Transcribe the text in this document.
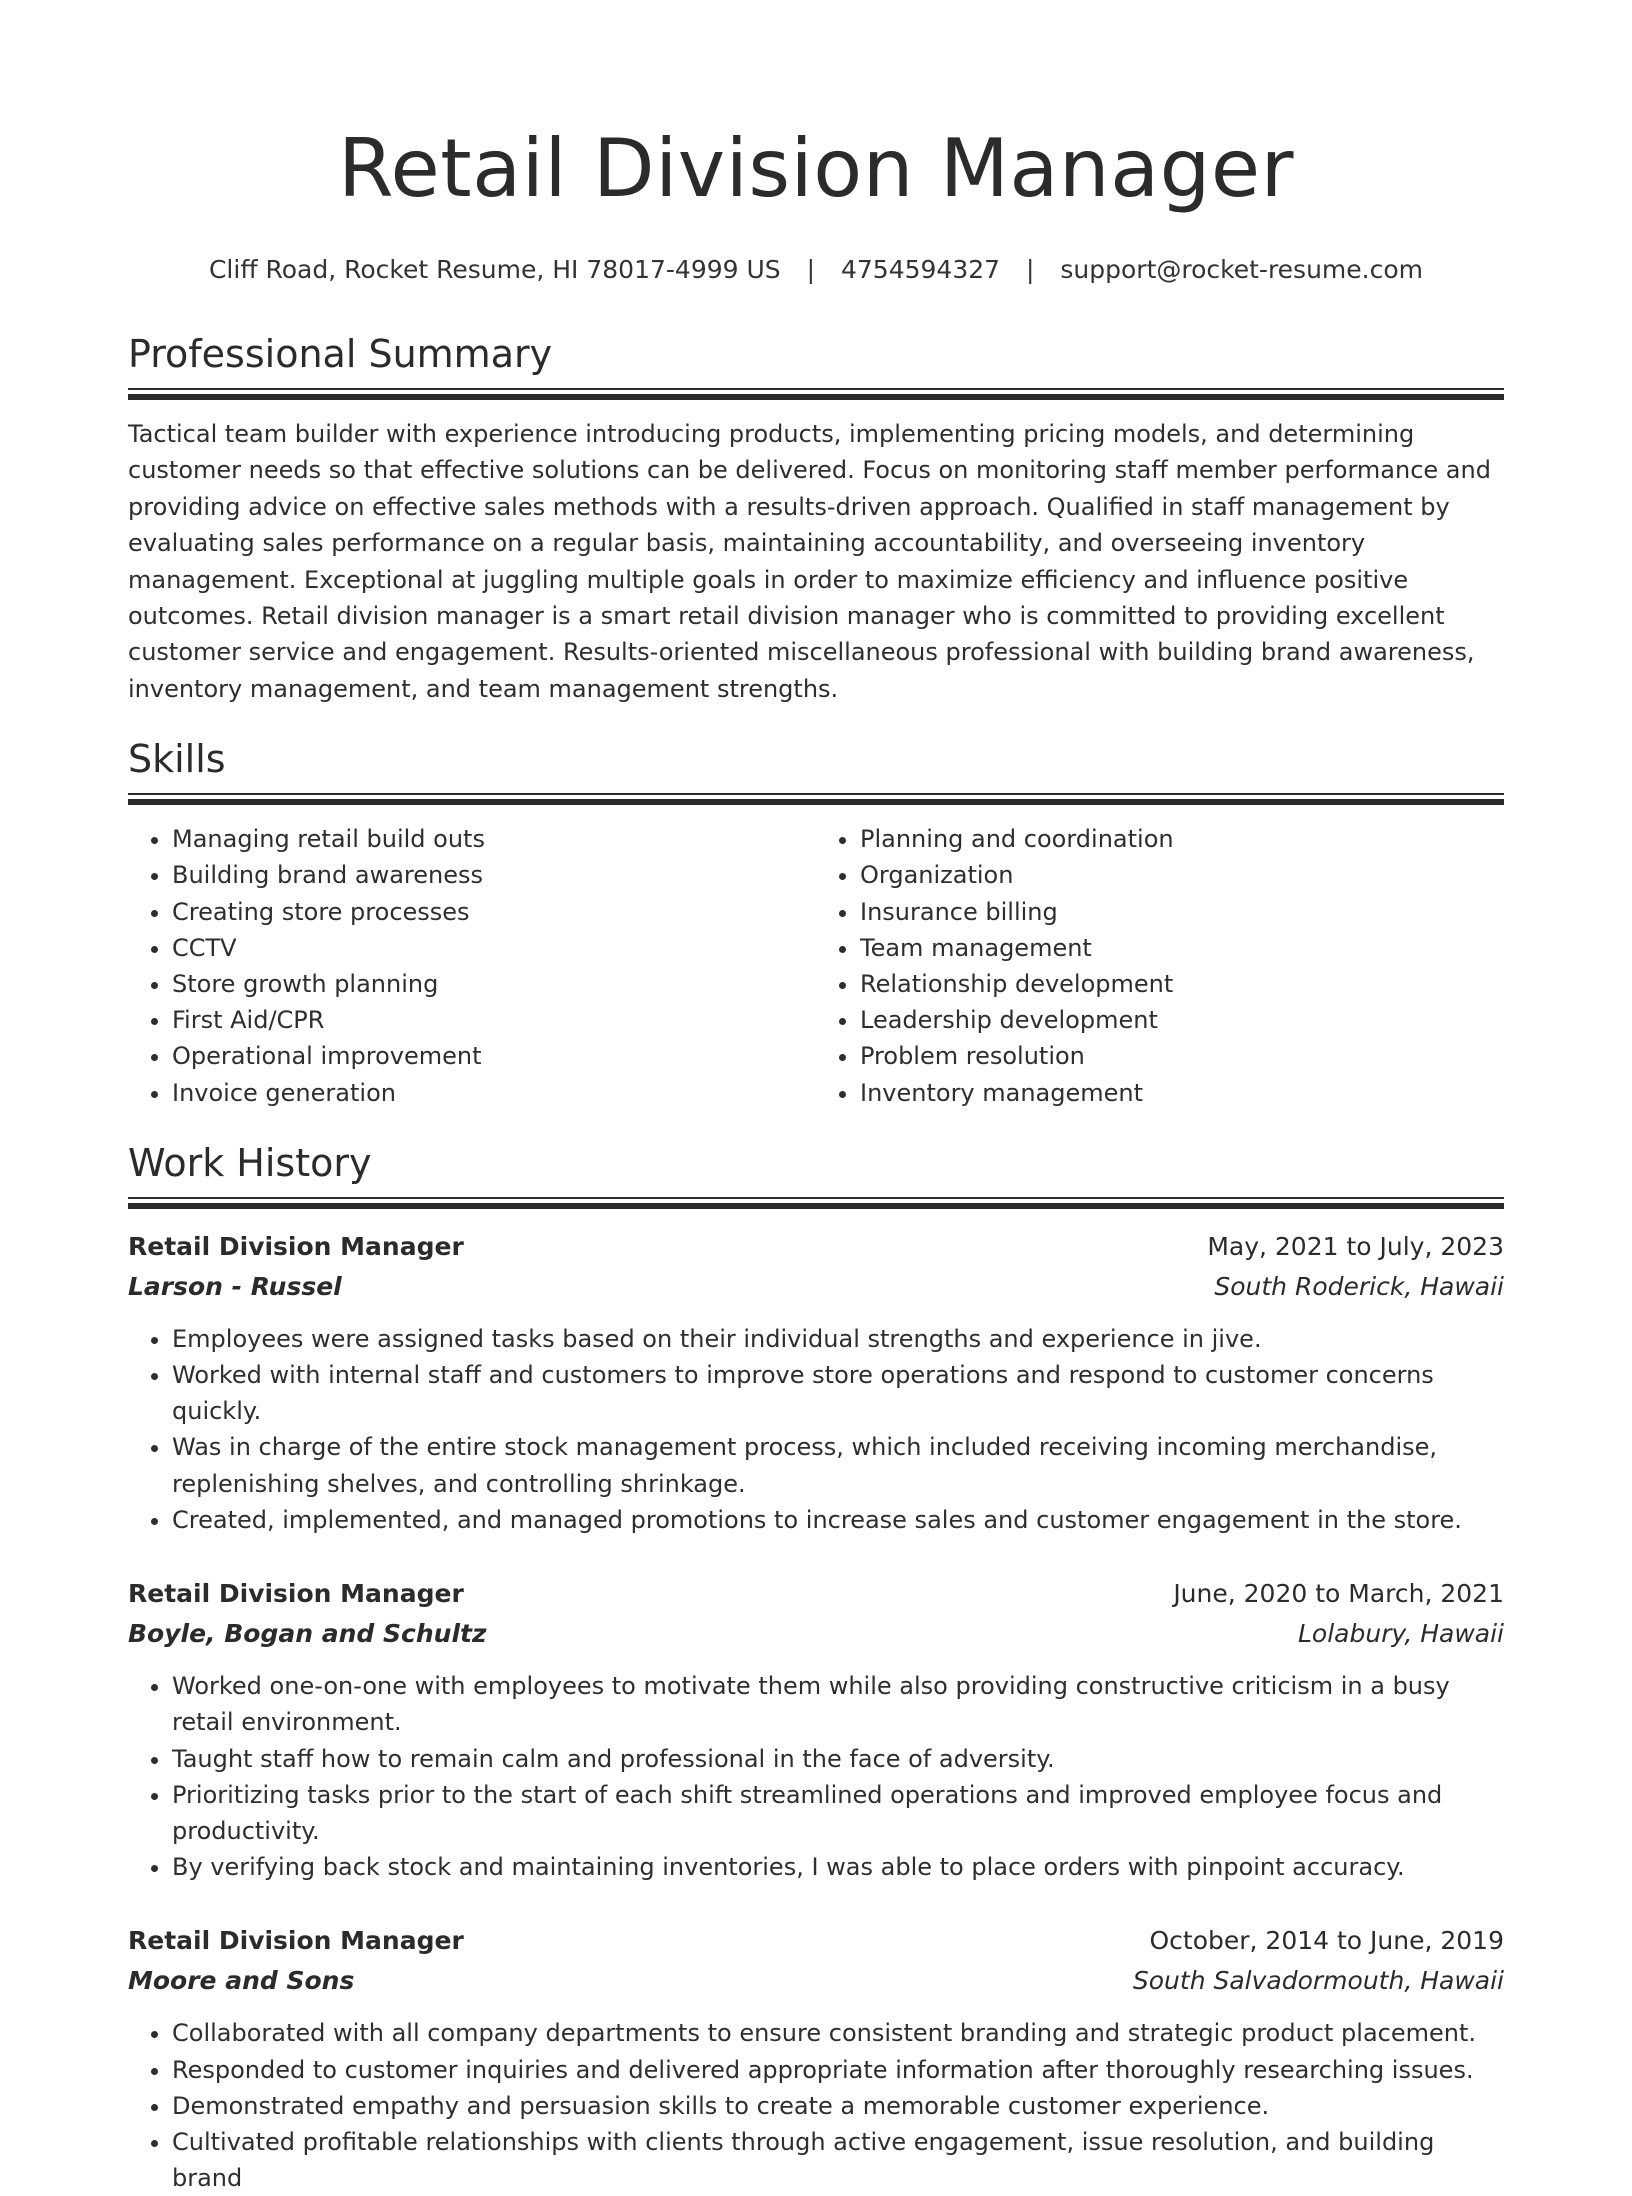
Retail Division Manager
Cliff Road, Rocket Resume, HI 78017-4999 US | 4754594327 | support@rocket-resume.com
Professional Summary

Tactical team builder with experience introducing products, implementing pricing models, and determining customer needs so that effective solutions can be delivered. Focus on monitoring staff member performance and providing advice on effective sales methods with a results-driven approach. Qualified in staff management by evaluating sales performance on a regular basis, maintaining accountability, and overseeing inventory management. Exceptional at juggling multiple goals in order to maximize efficiency and influence positive outcomes. Retail division manager is a smart retail division manager who is committed to providing excellent customer service and engagement. Results-oriented miscellaneous professional with building brand awareness, inventory management, and team management strengths.

Skills
• Managing retail build outs
• Building brand awareness
• Creating store processes
• CCTV
• Store growth planning
• First Aid/CPR
• Operational improvement
• Invoice generation
• Planning and coordination
• Organization
• Insurance billing
• Team management
• Relationship development
• Leadership development
• Problem resolution
• Inventory management
Work History
Retail Division Manager	May, 2021 to July, 2023
Larson - Russel	South Roderick, Hawaii
• Employees were assigned tasks based on their individual strengths and experience in jive.
• Worked with internal staff and customers to improve store operations and respond to customer concerns quickly.
• Was in charge of the entire stock management process, which included receiving incoming merchandise, replenishing shelves, and controlling shrinkage.
• Created, implemented, and managed promotions to increase sales and customer engagement in the store.
Retail Division Manager	June, 2020 to March, 2021
Boyle, Bogan and Schultz	Lolabury, Hawaii
• Worked one-on-one with employees to motivate them while also providing constructive criticism in a busy retail environment.
• Taught staff how to remain calm and professional in the face of adversity.
• Prioritizing tasks prior to the start of each shift streamlined operations and improved employee focus and productivity.
• By verifying back stock and maintaining inventories, I was able to place orders with pinpoint accuracy.
Retail Division Manager	October, 2014 to June, 2019
Moore and Sons	South Salvadormouth, Hawaii
• Collaborated with all company departments to ensure consistent branding and strategic product placement.
• Responded to customer inquiries and delivered appropriate information after thoroughly researching issues.
• Demonstrated empathy and persuasion skills to create a memorable customer experience.
• Cultivated profitable relationships with clients through active engagement, issue resolution, and building brand
